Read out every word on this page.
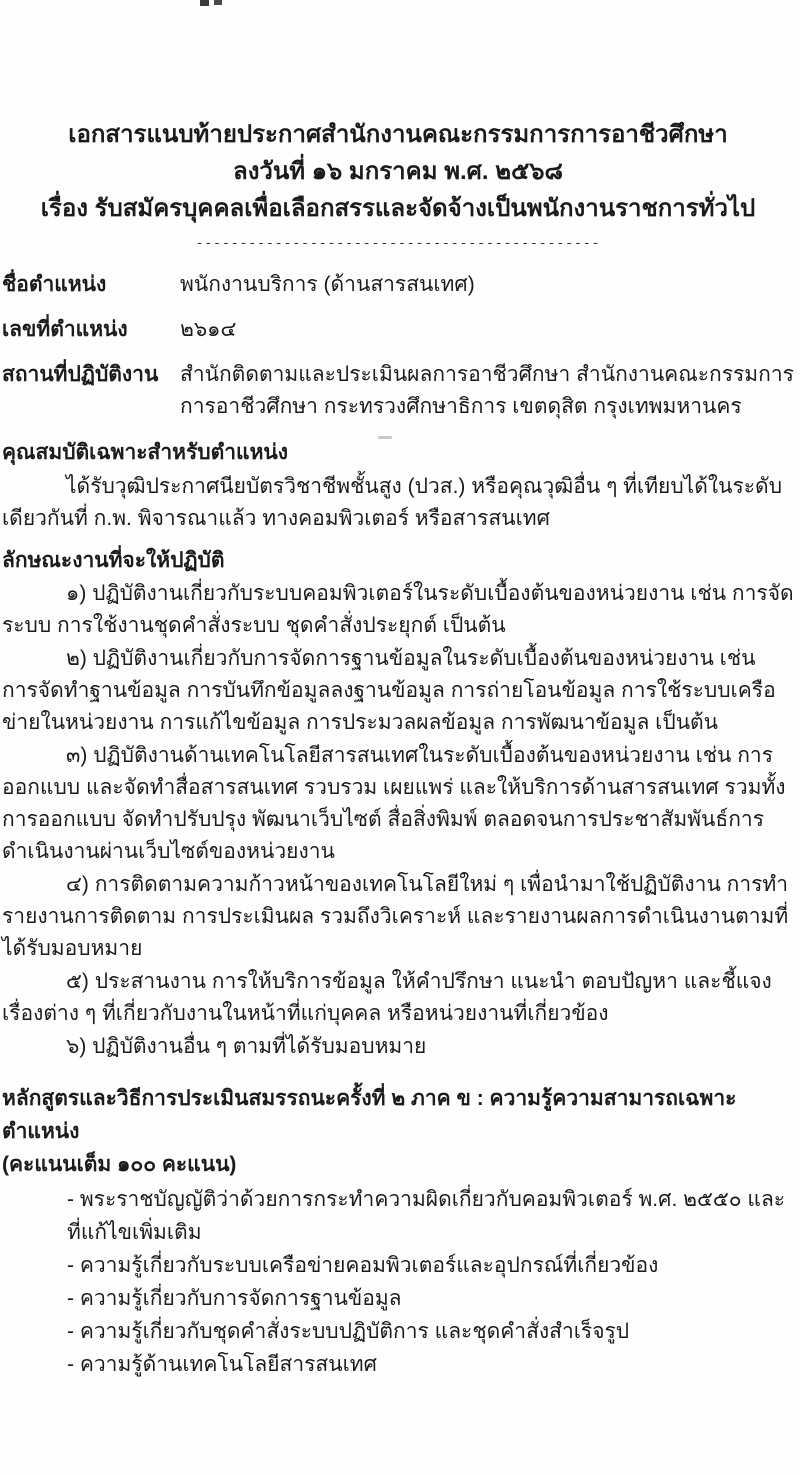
เอกสารแนบท้ายประกาศสำนักงานคณะกรรมการการอาชีวศึกษา
ลงวันที่ ๑๖ มกราคม พ.ศ. ๒๕๖๘
เรื่อง รับสมัครบุคคลเพื่อเลือกสรรและจัดจ้างเป็นพนักงานราชการทั่วไป
----------------------------------------------
ชื่อตำแหน่ง	พนักงานบริการ (ด้านสารสนเทศ)
เลขที่ตำแหน่ง	๒๖๑๔
สถานที่ปฏิบัติงาน	สำนักติดตามและประเมินผลการอาชีวศึกษา สำนักงานคณะกรรมการการอาชีวศึกษา กระทรวงศึกษาธิการ เขตดุสิต กรุงเทพมหานคร
คุณสมบัติเฉพาะสำหรับตำแหน่ง

ได้รับวุฒิประกาศนียบัตรวิชาชีพชั้นสูง (ปวส.) หรือคุณวุฒิอื่น ๆ ที่เทียบได้ในระดับเดียวกันที่ ก.พ. พิจารณาแล้ว ทางคอมพิวเตอร์ หรือสารสนเทศ

ลักษณะงานที่จะให้ปฏิบัติ

๑) ปฏิบัติงานเกี่ยวกับระบบคอมพิวเตอร์ในระดับเบื้องต้นของหน่วยงาน เช่น การจัดระบบ การใช้งานชุดคำสั่งระบบ ชุดคำสั่งประยุกต์ เป็นต้น

๒) ปฏิบัติงานเกี่ยวกับการจัดการฐานข้อมูลในระดับเบื้องต้นของหน่วยงาน เช่น การจัดทำฐานข้อมูล การบันทึกข้อมูลลงฐานข้อมูล การถ่ายโอนข้อมูล การใช้ระบบเครือข่ายในหน่วยงาน การแก้ไขข้อมูล การประมวลผลข้อมูล การพัฒนาข้อมูล เป็นต้น

๓) ปฏิบัติงานด้านเทคโนโลยีสารสนเทศในระดับเบื้องต้นของหน่วยงาน เช่น การออกแบบ และจัดทำสื่อสารสนเทศ รวบรวม เผยแพร่ และให้บริการด้านสารสนเทศ รวมทั้งการออกแบบ จัดทำปรับปรุง พัฒนาเว็บไซต์ สื่อสิ่งพิมพ์ ตลอดจนการประชาสัมพันธ์การดำเนินงานผ่านเว็บไซต์ของหน่วยงาน

๔) การติดตามความก้าวหน้าของเทคโนโลยีใหม่ ๆ เพื่อนำมาใช้ปฏิบัติงาน การทำรายงานการติดตาม การประเมินผล รวมถึงวิเคราะห์ และรายงานผลการดำเนินงานตามที่ได้รับมอบหมาย

๕) ประสานงาน การให้บริการข้อมูล ให้คำปรึกษา แนะนำ ตอบปัญหา และชี้แจงเรื่องต่าง ๆ ที่เกี่ยวกับงานในหน้าที่แก่บุคคล หรือหน่วยงานที่เกี่ยวข้อง

๖) ปฏิบัติงานอื่น ๆ ตามที่ได้รับมอบหมาย

หลักสูตรและวิธีการประเมินสมรรถนะครั้งที่ ๒ ภาค ข : ความรู้ความสามารถเฉพาะตำแหน่ง
(คะแนนเต็ม ๑๐๐ คะแนน)
- พระราชบัญญัติว่าด้วยการกระทำความผิดเกี่ยวกับคอมพิวเตอร์ พ.ศ. ๒๕๕๐ และที่แก้ไขเพิ่มเติม
- ความรู้เกี่ยวกับระบบเครือข่ายคอมพิวเตอร์และอุปกรณ์ที่เกี่ยวข้อง
- ความรู้เกี่ยวกับการจัดการฐานข้อมูล
- ความรู้เกี่ยวกับชุดคำสั่งระบบปฏิบัติการ และชุดคำสั่งสำเร็จรูป
- ความรู้ด้านเทคโนโลยีสารสนเทศ
